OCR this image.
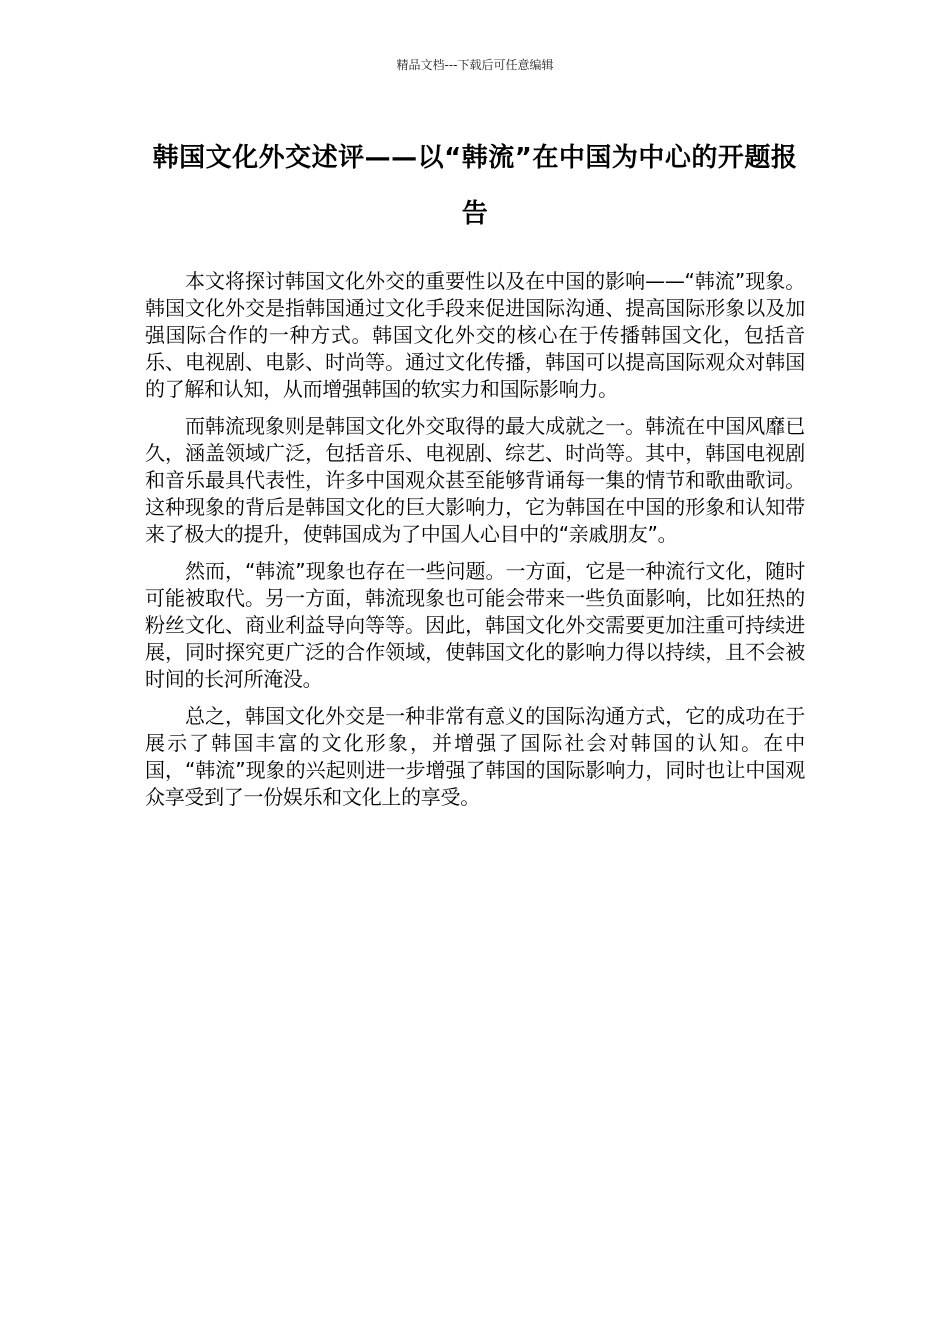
精品文档---下载后可任意编辑
韩国文化外交述评——以“韩流”在中国为中心的开题报告

本文将探讨韩国文化外交的重要性以及在中国的影响——“韩流”现象。韩国文化外交是指韩国通过文化手段来促进国际沟通、提高国际形象以及加强国际合作的一种方式。韩国文化外交的核心在于传播韩国文化，包括音乐、电视剧、电影、时尚等。通过文化传播，韩国可以提高国际观众对韩国的了解和认知，从而增强韩国的软实力和国际影响力。

而韩流现象则是韩国文化外交取得的最大成就之一。韩流在中国风靡已久，涵盖领域广泛，包括音乐、电视剧、综艺、时尚等。其中，韩国电视剧和音乐最具代表性，许多中国观众甚至能够背诵每一集的情节和歌曲歌词。这种现象的背后是韩国文化的巨大影响力，它为韩国在中国的形象和认知带来了极大的提升，使韩国成为了中国人心目中的“亲戚朋友”。

然而，“韩流”现象也存在一些问题。一方面，它是一种流行文化，随时可能被取代。另一方面，韩流现象也可能会带来一些负面影响，比如狂热的粉丝文化、商业利益导向等等。因此，韩国文化外交需要更加注重可持续进展，同时探究更广泛的合作领域，使韩国文化的影响力得以持续，且不会被时间的长河所淹没。

总之，韩国文化外交是一种非常有意义的国际沟通方式，它的成功在于展示了韩国丰富的文化形象，并增强了国际社会对韩国的认知。在中国，“韩流”现象的兴起则进一步增强了韩国的国际影响力，同时也让中国观众享受到了一份娱乐和文化上的享受。
